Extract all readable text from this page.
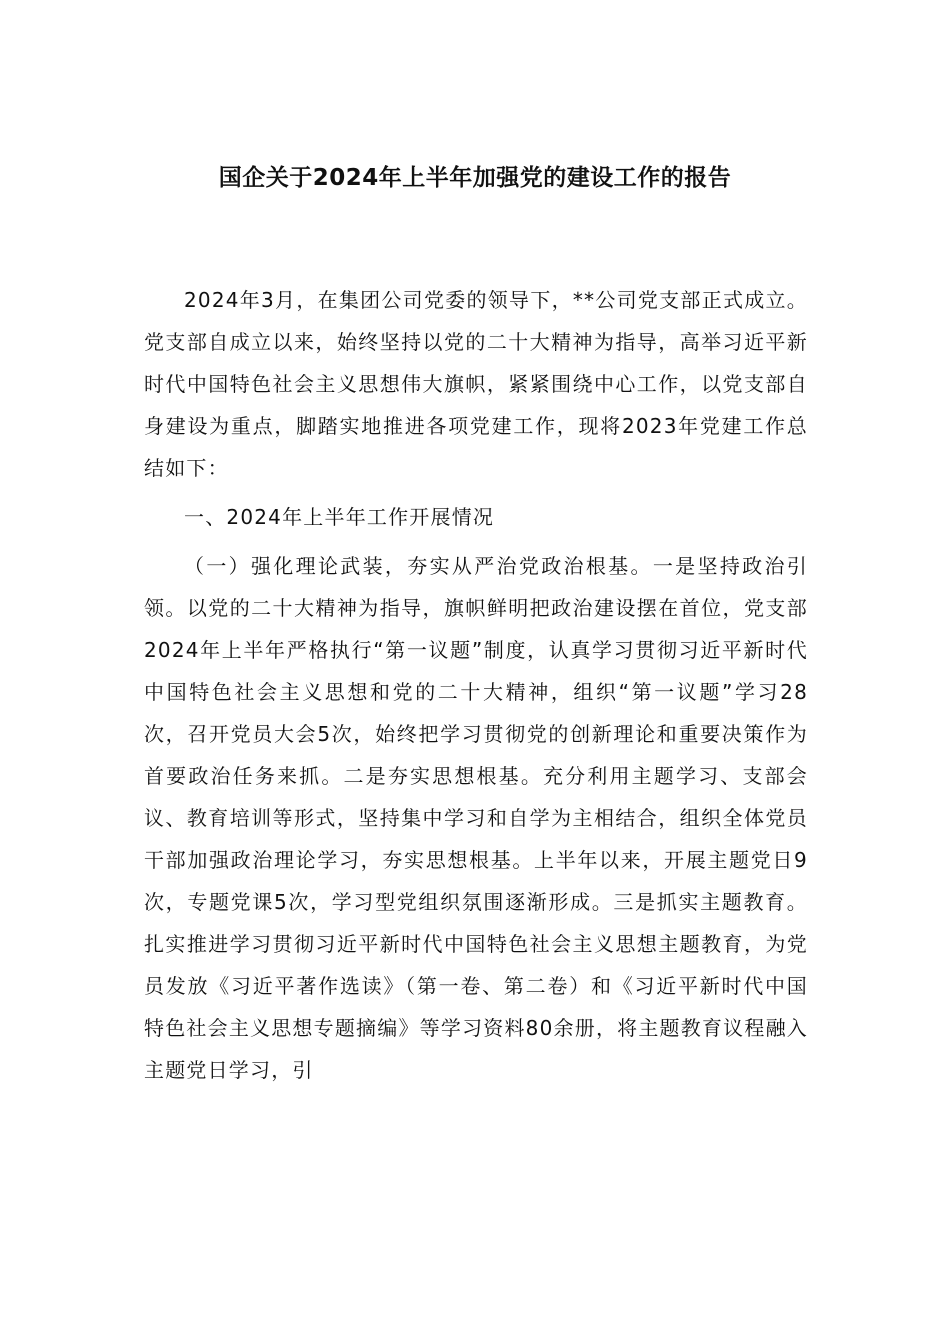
国企关于2024年上半年加强党的建设工作的报告

2024年3月，在集团公司党委的领导下，**公司党支部正式成立。党支部自成立以来，始终坚持以党的二十大精神为指导，高举习近平新时代中国特色社会主义思想伟大旗帜，紧紧围绕中心工作，以党支部自身建设为重点，脚踏实地推进各项党建工作，现将2023年党建工作总结如下：

一、2024年上半年工作开展情况

（一）强化理论武装，夯实从严治党政治根基。一是坚持政治引领。以党的二十大精神为指导，旗帜鲜明把政治建设摆在首位，党支部2024年上半年严格执行“第一议题”制度，认真学习贯彻习近平新时代中国特色社会主义思想和党的二十大精神，组织“第一议题”学习28次，召开党员大会5次，始终把学习贯彻党的创新理论和重要决策作为首要政治任务来抓。二是夯实思想根基。充分利用主题学习、支部会议、教育培训等形式，坚持集中学习和自学为主相结合，组织全体党员干部加强政治理论学习，夯实思想根基。上半年以来，开展主题党日9次，专题党课5次，学习型党组织氛围逐渐形成。三是抓实主题教育。扎实推进学习贯彻习近平新时代中国特色社会主义思想主题教育，为党员发放《习近平著作选读》（第一卷、第二卷）和《习近平新时代中国特色社会主义思想专题摘编》等学习资料80余册，将主题教育议程融入主题党日学习，引
